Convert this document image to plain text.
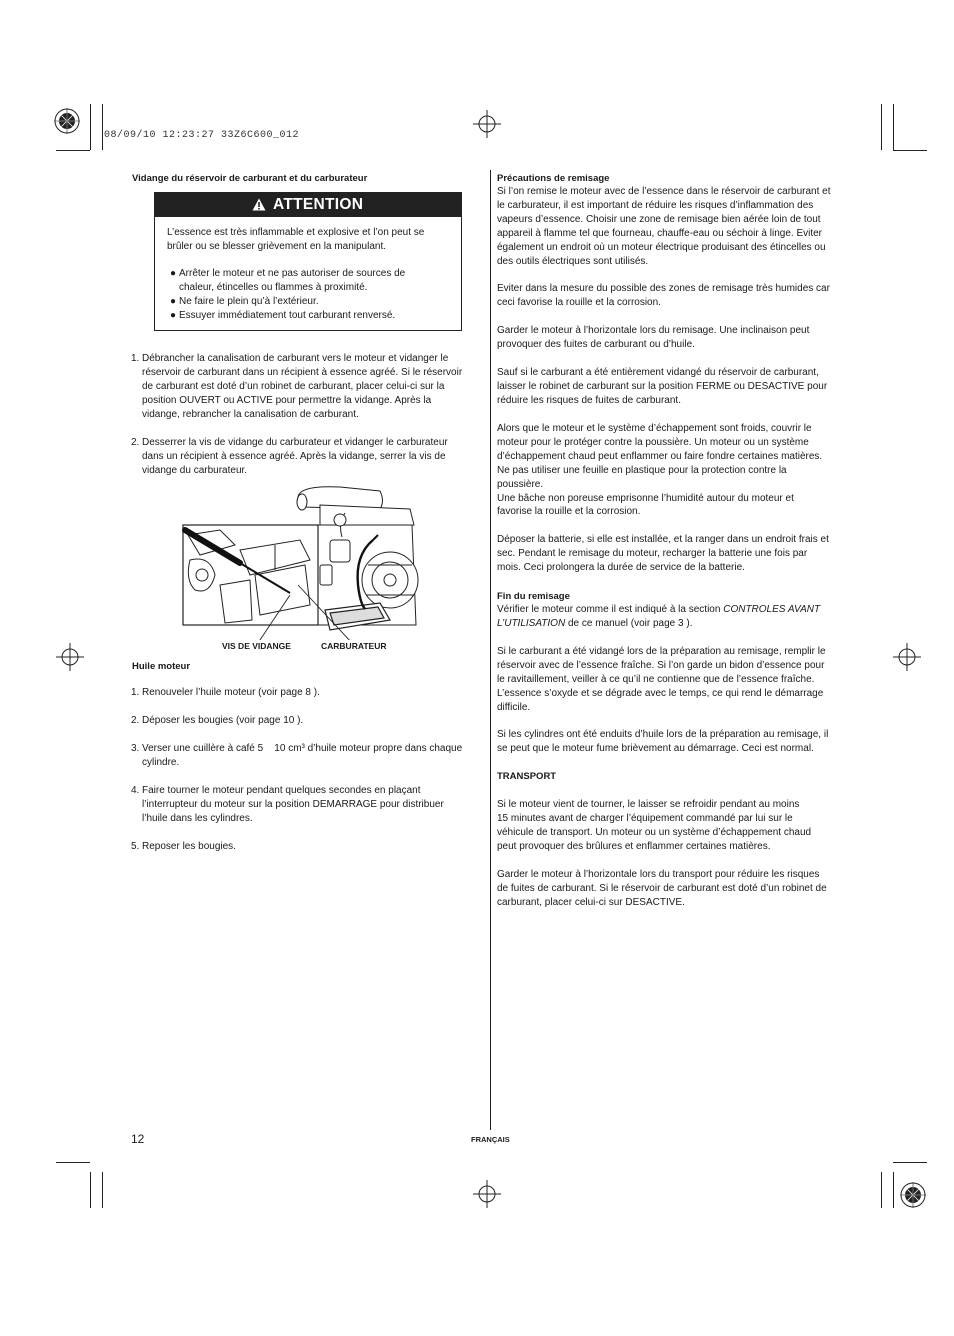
08/09/10 12:23:27 33Z6C600_012
Vidange du réservoir de carburant et du carburateur
ATTENTION
L’essence est très inflammable et explosive et l’on peut se
brûler ou se blesser grièvement en la manipulant.
● Arrêter le moteur et ne pas autoriser de sources de
chaleur, étincelles ou flammes à proximité.
● Ne faire le plein qu’à l’extérieur.
● Essuyer immédiatement tout carburant renversé.
1. Débrancher la canalisation de carburant vers le moteur et vidanger le
réservoir de carburant dans un récipient à essence agréé. Si le réservoir
de carburant est doté d’un robinet de carburant, placer celui-ci sur la
position OUVERT ou ACTIVE pour permettre la vidange. Après la
vidange, rebrancher la canalisation de carburant.
2. Desserrer la vis de vidange du carburateur et vidanger le carburateur
dans un récipient à essence agréé. Après la vidange, serrer la vis de
vidange du carburateur.
VIS DE VIDANGE	CARBURATEUR
Huile moteur
1. Renouveler l’huile moteur (voir page 8 ).
2. Déposer les bougies (voir page 10 ).
3. Verser une cuillère à café 5    10 cm³ d’huile moteur propre dans chaque
cylindre.
4. Faire tourner le moteur pendant quelques secondes en plaçant
l’interrupteur du moteur sur la position DEMARRAGE pour distribuer
l’huile dans les cylindres.
5. Reposer les bougies.
Précautions de remisage
Si l’on remise le moteur avec de l’essence dans le réservoir de carburant et
le carburateur, il est important de réduire les risques d’inflammation des
vapeurs d’essence. Choisir une zone de remisage bien aérée loin de tout
appareil à flamme tel que fourneau, chauffe-eau ou séchoir à linge. Eviter
également un endroit où un moteur électrique produisant des étincelles ou
des outils électriques sont utilisés.
Eviter dans la mesure du possible des zones de remisage très humides car
ceci favorise la rouille et la corrosion.
Garder le moteur à l’horizontale lors du remisage. Une inclinaison peut
provoquer des fuites de carburant ou d’huile.
Sauf si le carburant a été entièrement vidangé du réservoir de carburant,
laisser le robinet de carburant sur la position FERME ou DESACTIVE pour
réduire les risques de fuites de carburant.
Alors que le moteur et le système d’échappement sont froids, couvrir le
moteur pour le protéger contre la poussière. Un moteur ou un système
d’échappement chaud peut enflammer ou faire fondre certaines matières.
Ne pas utiliser une feuille en plastique pour la protection contre la
poussière.
Une bâche non poreuse emprisonne l’humidité autour du moteur et
favorise la rouille et la corrosion.
Déposer la batterie, si elle est installée, et la ranger dans un endroit frais et
sec. Pendant le remisage du moteur, recharger la batterie une fois par
mois. Ceci prolongera la durée de service de la batterie.
Fin du remisage
Vérifier le moteur comme il est indiqué à la section CONTROLES AVANT
L’UTILISATION de ce manuel (voir page 3 ).
Si le carburant a été vidangé lors de la préparation au remisage, remplir le
réservoir avec de l’essence fraîche. Si l’on garde un bidon d’essence pour
le ravitaillement, veiller à ce qu’il ne contienne que de l’essence fraîche.
L’essence s’oxyde et se dégrade avec le temps, ce qui rend le démarrage
difficile.
Si les cylindres ont été enduits d’huile lors de la préparation au remisage, il
se peut que le moteur fume brièvement au démarrage. Ceci est normal.
TRANSPORT
Si le moteur vient de tourner, le laisser se refroidir pendant au moins
15 minutes avant de charger l’équipement commandé par lui sur le
véhicule de transport. Un moteur ou un système d’échappement chaud
peut provoquer des brûlures et enflammer certaines matières.
Garder le moteur à l’horizontale lors du transport pour réduire les risques
de fuites de carburant. Si le réservoir de carburant est doté d’un robinet de
carburant, placer celui-ci sur DESACTIVE.
12	FRANÇAIS
